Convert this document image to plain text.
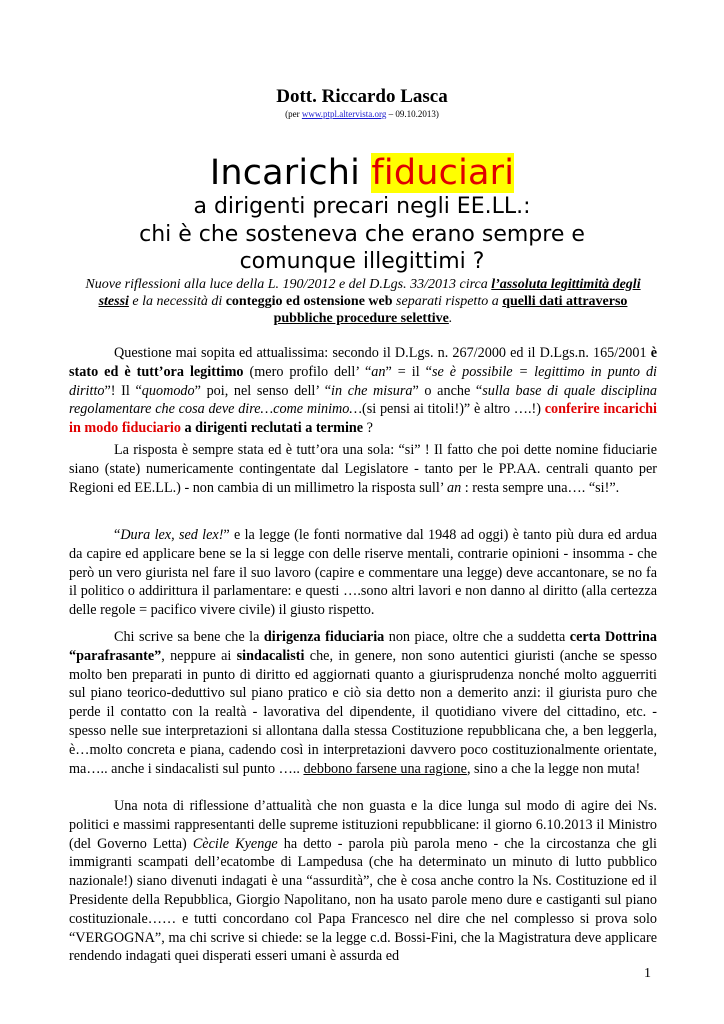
Dott. Riccardo Lasca
(per www.ptpl.altervista.org – 09.10.2013)
Incarichi fiduciari
a dirigenti precari negli EE.LL.:
chi è che sosteneva che erano sempre e
comunque illegittimi ?
Nuove riflessioni alla luce della L. 190/2012 e del D.Lgs. 33/2013 circa l’assoluta legittimità degli stessi e la necessità di conteggio ed ostensione web separati rispetto a quelli dati attraverso pubbliche procedure selettive.

Questione mai sopita ed attualissima: secondo il D.Lgs. n. 267/2000 ed il D.Lgs.n. 165/2001 è stato ed è tutt’ora legittimo (mero profilo dell’ “an” = il “se è possibile = legittimo in punto di diritto”! Il “quomodo” poi, nel senso dell’ “in che misura” o anche “sulla base di quale disciplina regolamentare che cosa deve dire…come minimo…(si pensi ai titoli!)” è altro ….!) conferire incarichi in modo fiduciario a dirigenti reclutati a termine ?

La risposta è sempre stata ed è tutt’ora una sola: “si” ! Il fatto che poi dette nomine fiduciarie siano (state) numericamente contingentate dal Legislatore - tanto per le PP.AA. centrali quanto per Regioni ed EE.LL.) - non cambia di un millimetro la risposta sull’ an : resta sempre una…. “si!”.

“Dura lex, sed lex!” e la legge (le fonti normative dal 1948 ad oggi) è tanto più dura ed ardua da capire ed applicare bene se la si legge con delle riserve mentali, contrarie opinioni - insomma - che però un vero giurista nel fare il suo lavoro (capire e commentare una legge) deve accantonare, se no fa il politico o addirittura il parlamentare: e questi ….sono altri lavori e non danno al diritto (alla certezza delle regole = pacifico vivere civile) il giusto rispetto.

Chi scrive sa bene che la dirigenza fiduciaria non piace, oltre che a suddetta certa Dottrina “parafrasante”, neppure ai sindacalisti che, in genere, non sono autentici giuristi (anche se spesso molto ben preparati in punto di diritto ed aggiornati quanto a giurisprudenza nonché molto agguerriti sul piano teorico-deduttivo sul piano pratico e ciò sia detto non a demerito anzi: il giurista puro che perde il contatto con la realtà - lavorativa del dipendente, il quotidiano vivere del cittadino, etc. - spesso nelle sue interpretazioni si allontana dalla stessa Costituzione repubblicana che, a ben leggerla, è…molto concreta e piana, cadendo così in interpretazioni davvero poco costituzionalmente orientate, ma….. anche i sindacalisti sul punto ….. debbono farsene una ragione, sino a che la legge non muta!

Una nota di riflessione d’attualità che non guasta e la dice lunga sul modo di agire dei Ns. politici e massimi rappresentanti delle supreme istituzioni repubblicane: il giorno 6.10.2013 il Ministro (del Governo Letta) Cècile Kyenge ha detto - parola più parola meno - che la circostanza che gli immigranti scampati dell’ecatombe di Lampedusa (che ha determinato un minuto di lutto pubblico nazionale!) siano divenuti indagati è una “assurdità”, che è cosa anche contro la Ns. Costituzione ed il Presidente della Repubblica, Giorgio Napolitano, non ha usato parole meno dure e castiganti sul piano costituzionale…… e tutti concordano col Papa Francesco nel dire che nel complesso si prova solo “VERGOGNA”, ma chi scrive si chiede: se la legge c.d. Bossi-Fini, che la Magistratura deve applicare rendendo indagati quei disperati esseri umani è assurda ed

1
